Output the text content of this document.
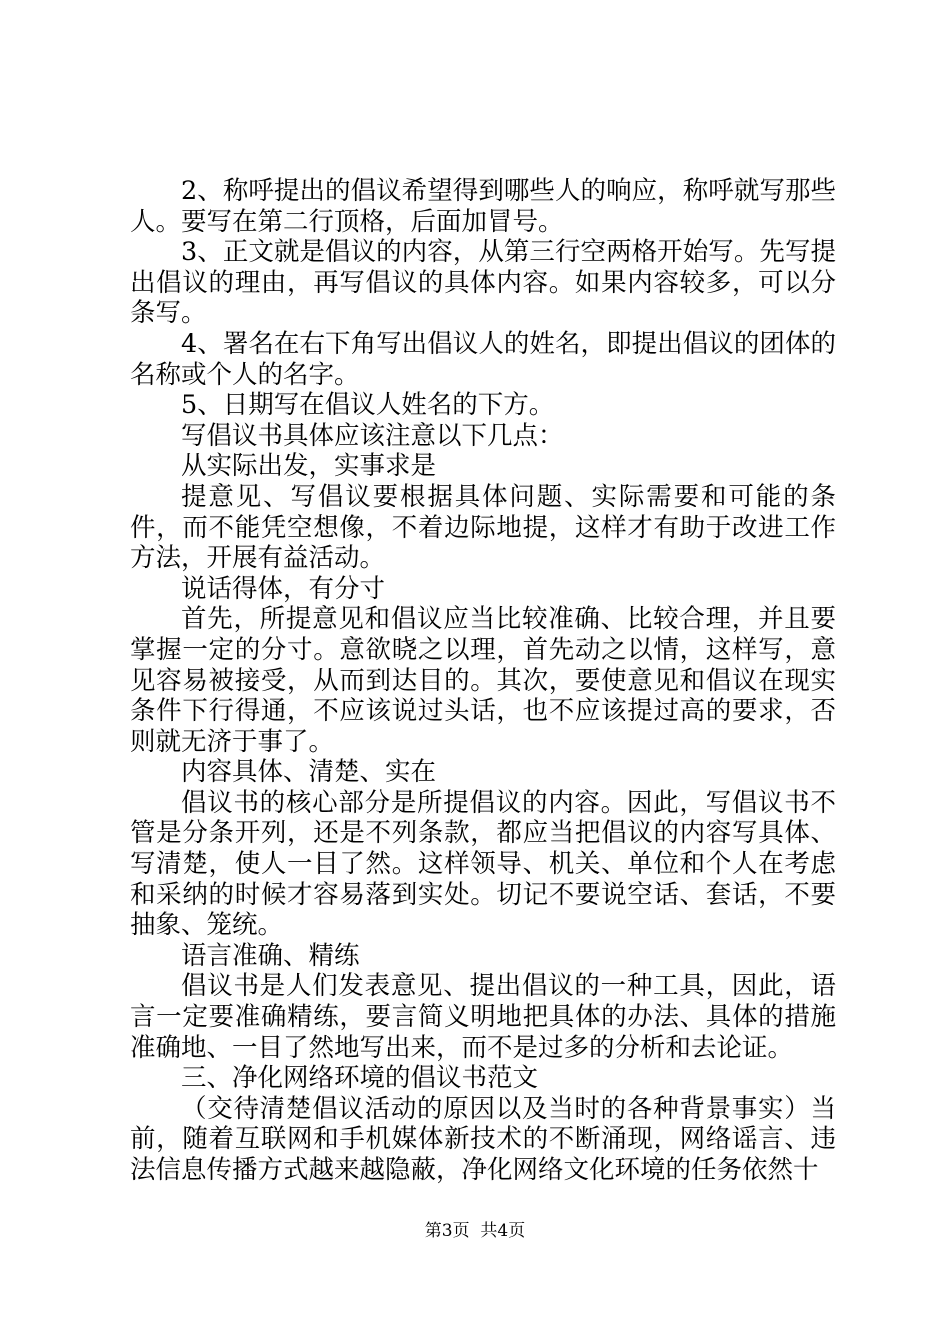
2、称呼提出的倡议希望得到哪些人的响应，称呼就写那些人。要写在第二行顶格，后面加冒号。

3、正文就是倡议的内容，从第三行空两格开始写。先写提出倡议的理由，再写倡议的具体内容。如果内容较多，可以分条写。

4、署名在右下角写出倡议人的姓名，即提出倡议的团体的名称或个人的名字。

5、日期写在倡议人姓名的下方。

写倡议书具体应该注意以下几点：

从实际出发，实事求是

提意见、写倡议要根据具体问题、实际需要和可能的条件，而不能凭空想像，不着边际地提，这样才有助于改进工作方法，开展有益活动。

说话得体，有分寸

首先，所提意见和倡议应当比较准确、比较合理，并且要掌握一定的分寸。意欲晓之以理，首先动之以情，这样写，意见容易被接受，从而到达目的。其次，要使意见和倡议在现实条件下行得通，不应该说过头话，也不应该提过高的要求，否则就无济于事了。

内容具体、清楚、实在

倡议书的核心部分是所提倡议的内容。因此，写倡议书不管是分条开列，还是不列条款，都应当把倡议的内容写具体、写清楚，使人一目了然。这样领导、机关、单位和个人在考虑和采纳的时候才容易落到实处。切记不要说空话、套话，不要抽象、笼统。

语言准确、精练

倡议书是人们发表意见、提出倡议的一种工具，因此，语言一定要准确精练，要言简义明地把具体的办法、具体的措施准确地、一目了然地写出来，而不是过多的分析和去论证。

三、净化网络环境的倡议书范文

（交待清楚倡议活动的原因以及当时的各种背景事实）当前，随着互联网和手机媒体新技术的不断涌现，网络谣言、违法信息传播方式越来越隐蔽，净化网络文化环境的任务依然十

第3页  共4页
